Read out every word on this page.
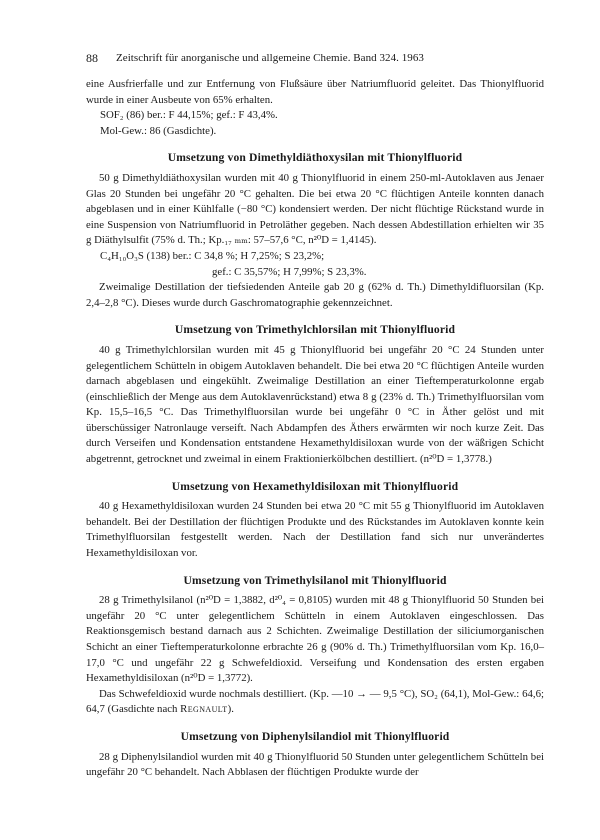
88 Zeitschrift für anorganische und allgemeine Chemie. Band 324. 1963

eine Ausfrierfalle und zur Entfernung von Flußsäure über Natriumfluorid geleitet. Das Thionylfluorid wurde in einer Ausbeute von 65% erhalten.

SOF₂ (86) ber.: F 44,15%; gef.: F 43,4%.

Mol-Gew.: 86 (Gasdichte).

Umsetzung von Dimethyldiäthoxysilan mit Thionylfluorid

50 g Dimethyldiäthoxysilan wurden mit 40 g Thionylfluorid in einem 250-ml-Autoklaven aus Jenaer Glas 20 Stunden bei ungefähr 20 °C gehalten. Die bei etwa 20 °C flüchtigen Anteile konnten danach abgeblasen und in einer Kühlfalle (−80 °C) kondensiert werden. Der nicht flüchtige Rückstand wurde in eine Suspension von Natriumfluorid in Petroläther gegeben. Nach dessen Abdestillation erhielten wir 35 g Diäthylsulfit (75% d. Th.; Kp.₁₇ ₘₘ: 57–57,6 °C, n²⁰D = 1,4145).

C₄H₁₀O₃S (138) ber.: C 34,8 %; H 7,25%; S 23,2%;

gef.: C 35,57%; H 7,99%; S 23,3%.

Zweimalige Destillation der tiefsiedenden Anteile gab 20 g (62% d. Th.) Dimethyldifluorsilan (Kp. 2,4–2,8 °C). Dieses wurde durch Gaschromatographie gekennzeichnet.

Umsetzung von Trimethylchlorsilan mit Thionylfluorid

40 g Trimethylchlorsilan wurden mit 45 g Thionylfluorid bei ungefähr 20 °C 24 Stunden unter gelegentlichem Schütteln in obigem Autoklaven behandelt. Die bei etwa 20 °C flüchtigen Anteile wurden darnach abgeblasen und eingekühlt. Zweimalige Destillation an einer Tieftemperaturkolonne ergab (einschließlich der Menge aus dem Autoklavenrückstand) etwa 8 g (23% d. Th.) Trimethylfluorsilan vom Kp. 15,5–16,5 °C. Das Trimethylfluorsilan wurde bei ungefähr 0 °C in Äther gelöst und mit überschüssiger Natronlauge verseift. Nach Abdampfen des Äthers erwärmten wir noch kurze Zeit. Das durch Verseifen und Kondensation entstandene Hexamethyldisiloxan wurde von der wäßrigen Schicht abgetrennt, getrocknet und zweimal in einem Fraktionierkölbchen destilliert. (n²⁰D = 1,3778.)

Umsetzung von Hexamethyldisiloxan mit Thionylfluorid

40 g Hexamethyldisiloxan wurden 24 Stunden bei etwa 20 °C mit 55 g Thionylfluorid im Autoklaven behandelt. Bei der Destillation der flüchtigen Produkte und des Rückstandes im Autoklaven konnte kein Trimethylfluorsilan festgestellt werden. Nach der Destillation fand sich nur unverändertes Hexamethyldisiloxan vor.

Umsetzung von Trimethylsilanol mit Thionylfluorid

28 g Trimethylsilanol (n²⁰D = 1,3882, d²⁰₄ = 0,8105) wurden mit 48 g Thionylfluorid 50 Stunden bei ungefähr 20 °C unter gelegentlichem Schütteln in einem Autoklaven eingeschlossen. Das Reaktionsgemisch bestand darnach aus 2 Schichten. Zweimalige Destillation der siliciumorganischen Schicht an einer Tieftemperaturkolonne erbrachte 26 g (90% d. Th.) Trimethylfluorsilan vom Kp. 16,0–17,0 °C und ungefähr 22 g Schwefeldioxid. Verseifung und Kondensation des ersten ergaben Hexamethyldisiloxan (n²⁰D = 1,3772).

Das Schwefeldioxid wurde nochmals destilliert. (Kp. —10 → — 9,5 °C), SO₂ (64,1), Mol-Gew.: 64,6; 64,7 (Gasdichte nach Regnault).

Umsetzung von Diphenylsilandiol mit Thionylfluorid

28 g Diphenylsilandiol wurden mit 40 g Thionylfluorid 50 Stunden unter gelegentlichem Schütteln bei ungefähr 20 °C behandelt. Nach Abblasen der flüchtigen Produkte wurde der
